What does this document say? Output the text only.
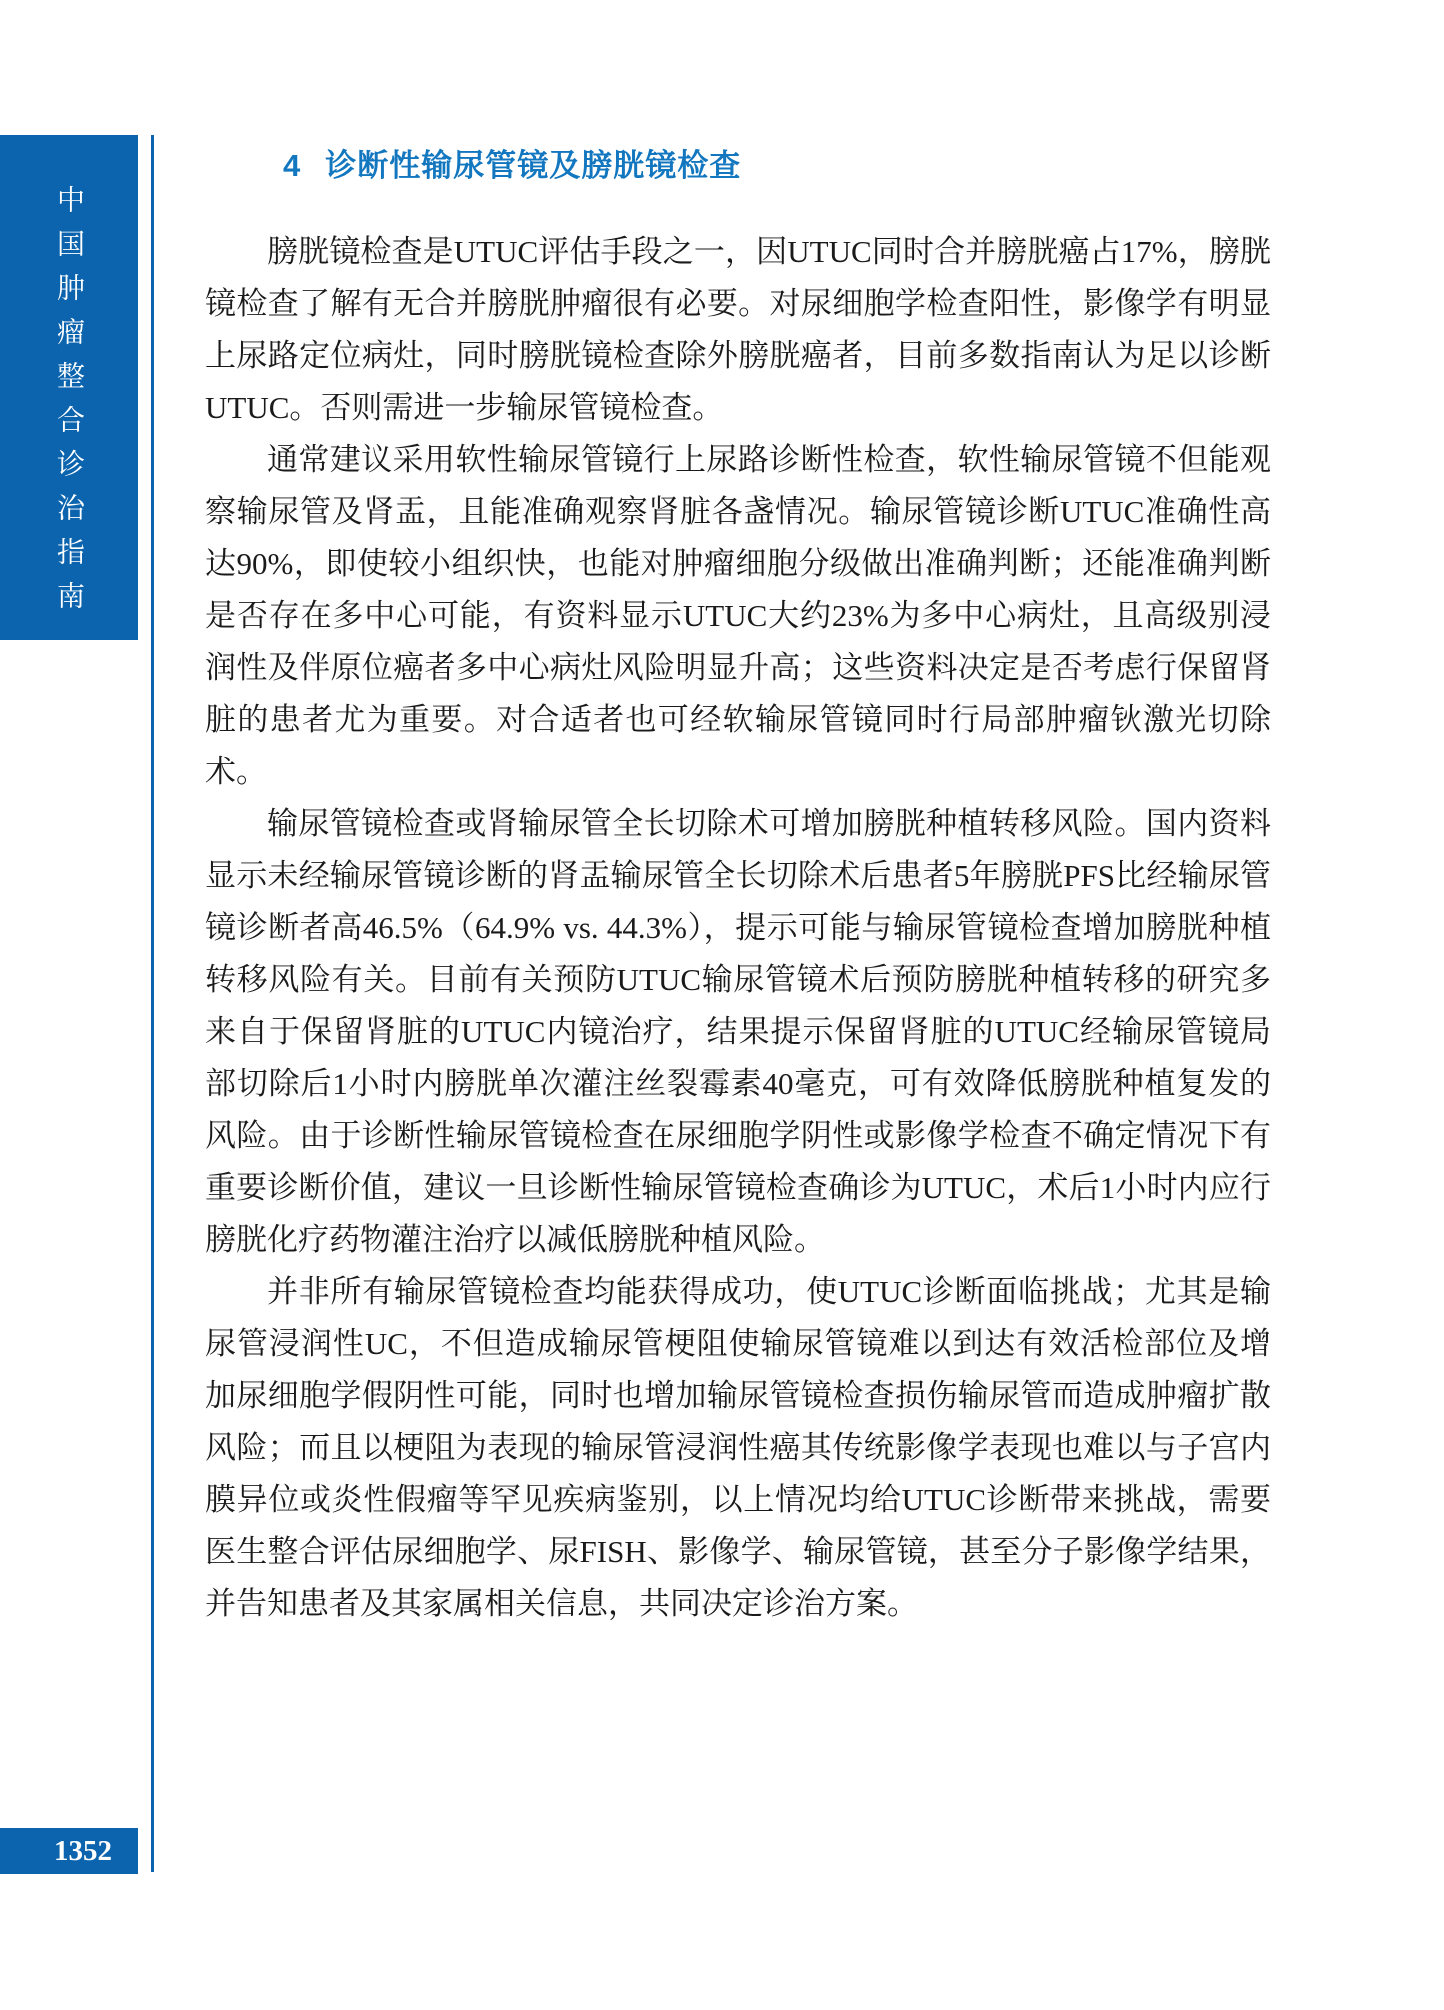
中国肿瘤整合诊治指南
1352
4 诊断性输尿管镜及膀胱镜检查

膀胱镜检查是UTUC评估手段之一，因UTUC同时合并膀胱癌占17%，膀胱镜检查了解有无合并膀胱肿瘤很有必要。对尿细胞学检查阳性，影像学有明显上尿路定位病灶，同时膀胱镜检查除外膀胱癌者，目前多数指南认为足以诊断UTUC。否则需进一步输尿管镜检查。

通常建议采用软性输尿管镜行上尿路诊断性检查，软性输尿管镜不但能观察输尿管及肾盂，且能准确观察肾脏各盏情况。输尿管镜诊断UTUC准确性高达90%，即使较小组织快，也能对肿瘤细胞分级做出准确判断；还能准确判断是否存在多中心可能，有资料显示UTUC大约23%为多中心病灶，且高级别浸润性及伴原位癌者多中心病灶风险明显升高；这些资料决定是否考虑行保留肾脏的患者尤为重要。对合适者也可经软输尿管镜同时行局部肿瘤钬激光切除术。

输尿管镜检查或肾输尿管全长切除术可增加膀胱种植转移风险。国内资料显示未经输尿管镜诊断的肾盂输尿管全长切除术后患者5年膀胱PFS比经输尿管镜诊断者高46.5%（64.9% vs. 44.3%），提示可能与输尿管镜检查增加膀胱种植转移风险有关。目前有关预防UTUC输尿管镜术后预防膀胱种植转移的研究多来自于保留肾脏的UTUC内镜治疗，结果提示保留肾脏的UTUC经输尿管镜局部切除后1小时内膀胱单次灌注丝裂霉素40毫克，可有效降低膀胱种植复发的风险。由于诊断性输尿管镜检查在尿细胞学阴性或影像学检查不确定情况下有重要诊断价值，建议一旦诊断性输尿管镜检查确诊为UTUC，术后1小时内应行膀胱化疗药物灌注治疗以减低膀胱种植风险。

并非所有输尿管镜检查均能获得成功，使UTUC诊断面临挑战；尤其是输尿管浸润性UC，不但造成输尿管梗阻使输尿管镜难以到达有效活检部位及增加尿细胞学假阴性可能，同时也增加输尿管镜检查损伤输尿管而造成肿瘤扩散风险；而且以梗阻为表现的输尿管浸润性癌其传统影像学表现也难以与子宫内膜异位或炎性假瘤等罕见疾病鉴别，以上情况均给UTUC诊断带来挑战，需要医生整合评估尿细胞学、尿FISH、影像学、输尿管镜，甚至分子影像学结果，并告知患者及其家属相关信息，共同决定诊治方案。
